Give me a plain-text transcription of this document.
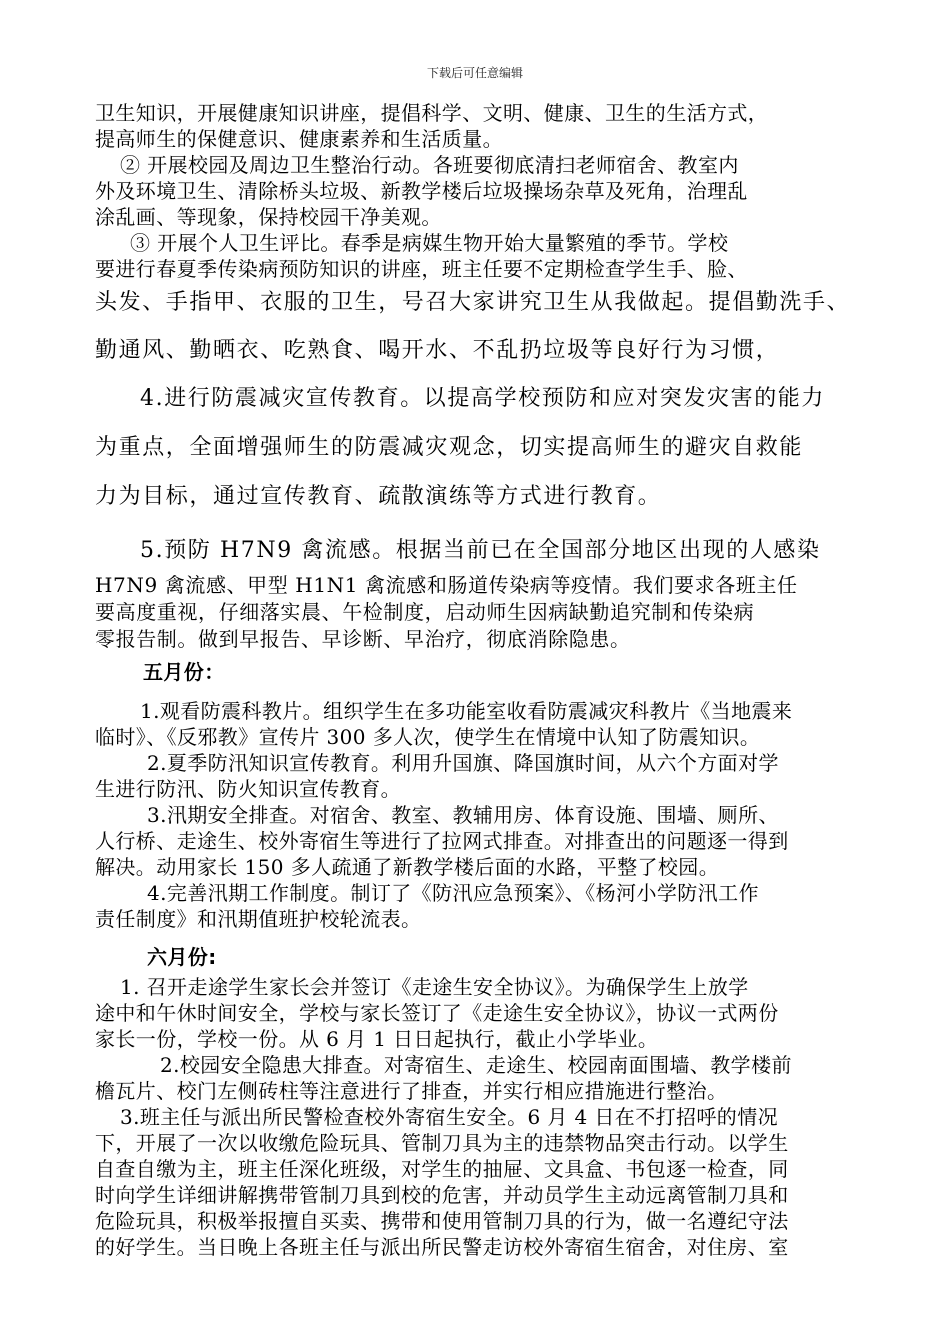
下载后可任意编辑
卫生知识，开展健康知识讲座，提倡科学、文明、健康、卫生的生活方式，
提高师生的保健意识、健康素养和生活质量。
② 开展校园及周边卫生整治行动。各班要彻底清扫老师宿舍、教室内
外及环境卫生、清除桥头垃圾、新教学楼后垃圾操场杂草及死角，治理乱
涂乱画、等现象，保持校园干净美观。
③ 开展个人卫生评比。春季是病媒生物开始大量繁殖的季节。学校
要进行春夏季传染病预防知识的讲座，班主任要不定期检查学生手、脸、
头发、手指甲、衣服的卫生，号召大家讲究卫生从我做起。提倡勤洗手、
勤通风、勤晒衣、吃熟食、喝开水、不乱扔垃圾等良好行为习惯，
4.进行防震减灾宣传教育。以提高学校预防和应对突发灾害的能力
为重点，全面增强师生的防震减灾观念，切实提高师生的避灾自救能
力为目标，通过宣传教育、疏散演练等方式进行教育。
5.预防 H7N9 禽流感。根据当前已在全国部分地区出现的人感染
H7N9 禽流感、甲型 H1N1 禽流感和肠道传染病等疫情。我们要求各班主任
要高度重视，仔细落实晨、午检制度，启动师生因病缺勤追究制和传染病
零报告制。做到早报告、早诊断、早治疗，彻底消除隐患。
五月份：
1.观看防震科教片。组织学生在多功能室收看防震减灾科教片《当地震来
临时》、《反邪教》宣传片 300 多人次，使学生在情境中认知了防震知识。
2.夏季防汛知识宣传教育。利用升国旗、降国旗时间，从六个方面对学
生进行防汛、防火知识宣传教育。
3.汛期安全排查。对宿舍、教室、教辅用房、体育设施、围墙、厕所、
人行桥、走途生、校外寄宿生等进行了拉网式排查。对排查出的问题逐一得到
解决。动用家长 150 多人疏通了新教学楼后面的水路，平整了校园。
4.完善汛期工作制度。制订了《防汛应急预案》、《杨河小学防汛工作
责任制度》和汛期值班护校轮流表。
六月份:
1. 召开走途学生家长会并签订《走途生安全协议》。为确保学生上放学
途中和午休时间安全，学校与家长签订了《走途生安全协议》，协议一式两份
家长一份，学校一份。从 6 月 1 日日起执行，截止小学毕业。
2.校园安全隐患大排查。对寄宿生、走途生、校园南面围墙、教学楼前
檐瓦片、校门左侧砖柱等注意进行了排查，并实行相应措施进行整治。
3.班主任与派出所民警检查校外寄宿生安全。6 月 4 日在不打招呼的情况
下，开展了一次以收缴危险玩具、管制刀具为主的违禁物品突击行动。以学生
自查自缴为主，班主任深化班级，对学生的抽屉、文具盒、书包逐一检查，同
时向学生详细讲解携带管制刀具到校的危害，并动员学生主动远离管制刀具和
危险玩具，积极举报擅自买卖、携带和使用管制刀具的行为，做一名遵纪守法
的好学生。当日晚上各班主任与派出所民警走访校外寄宿生宿舍，对住房、室
